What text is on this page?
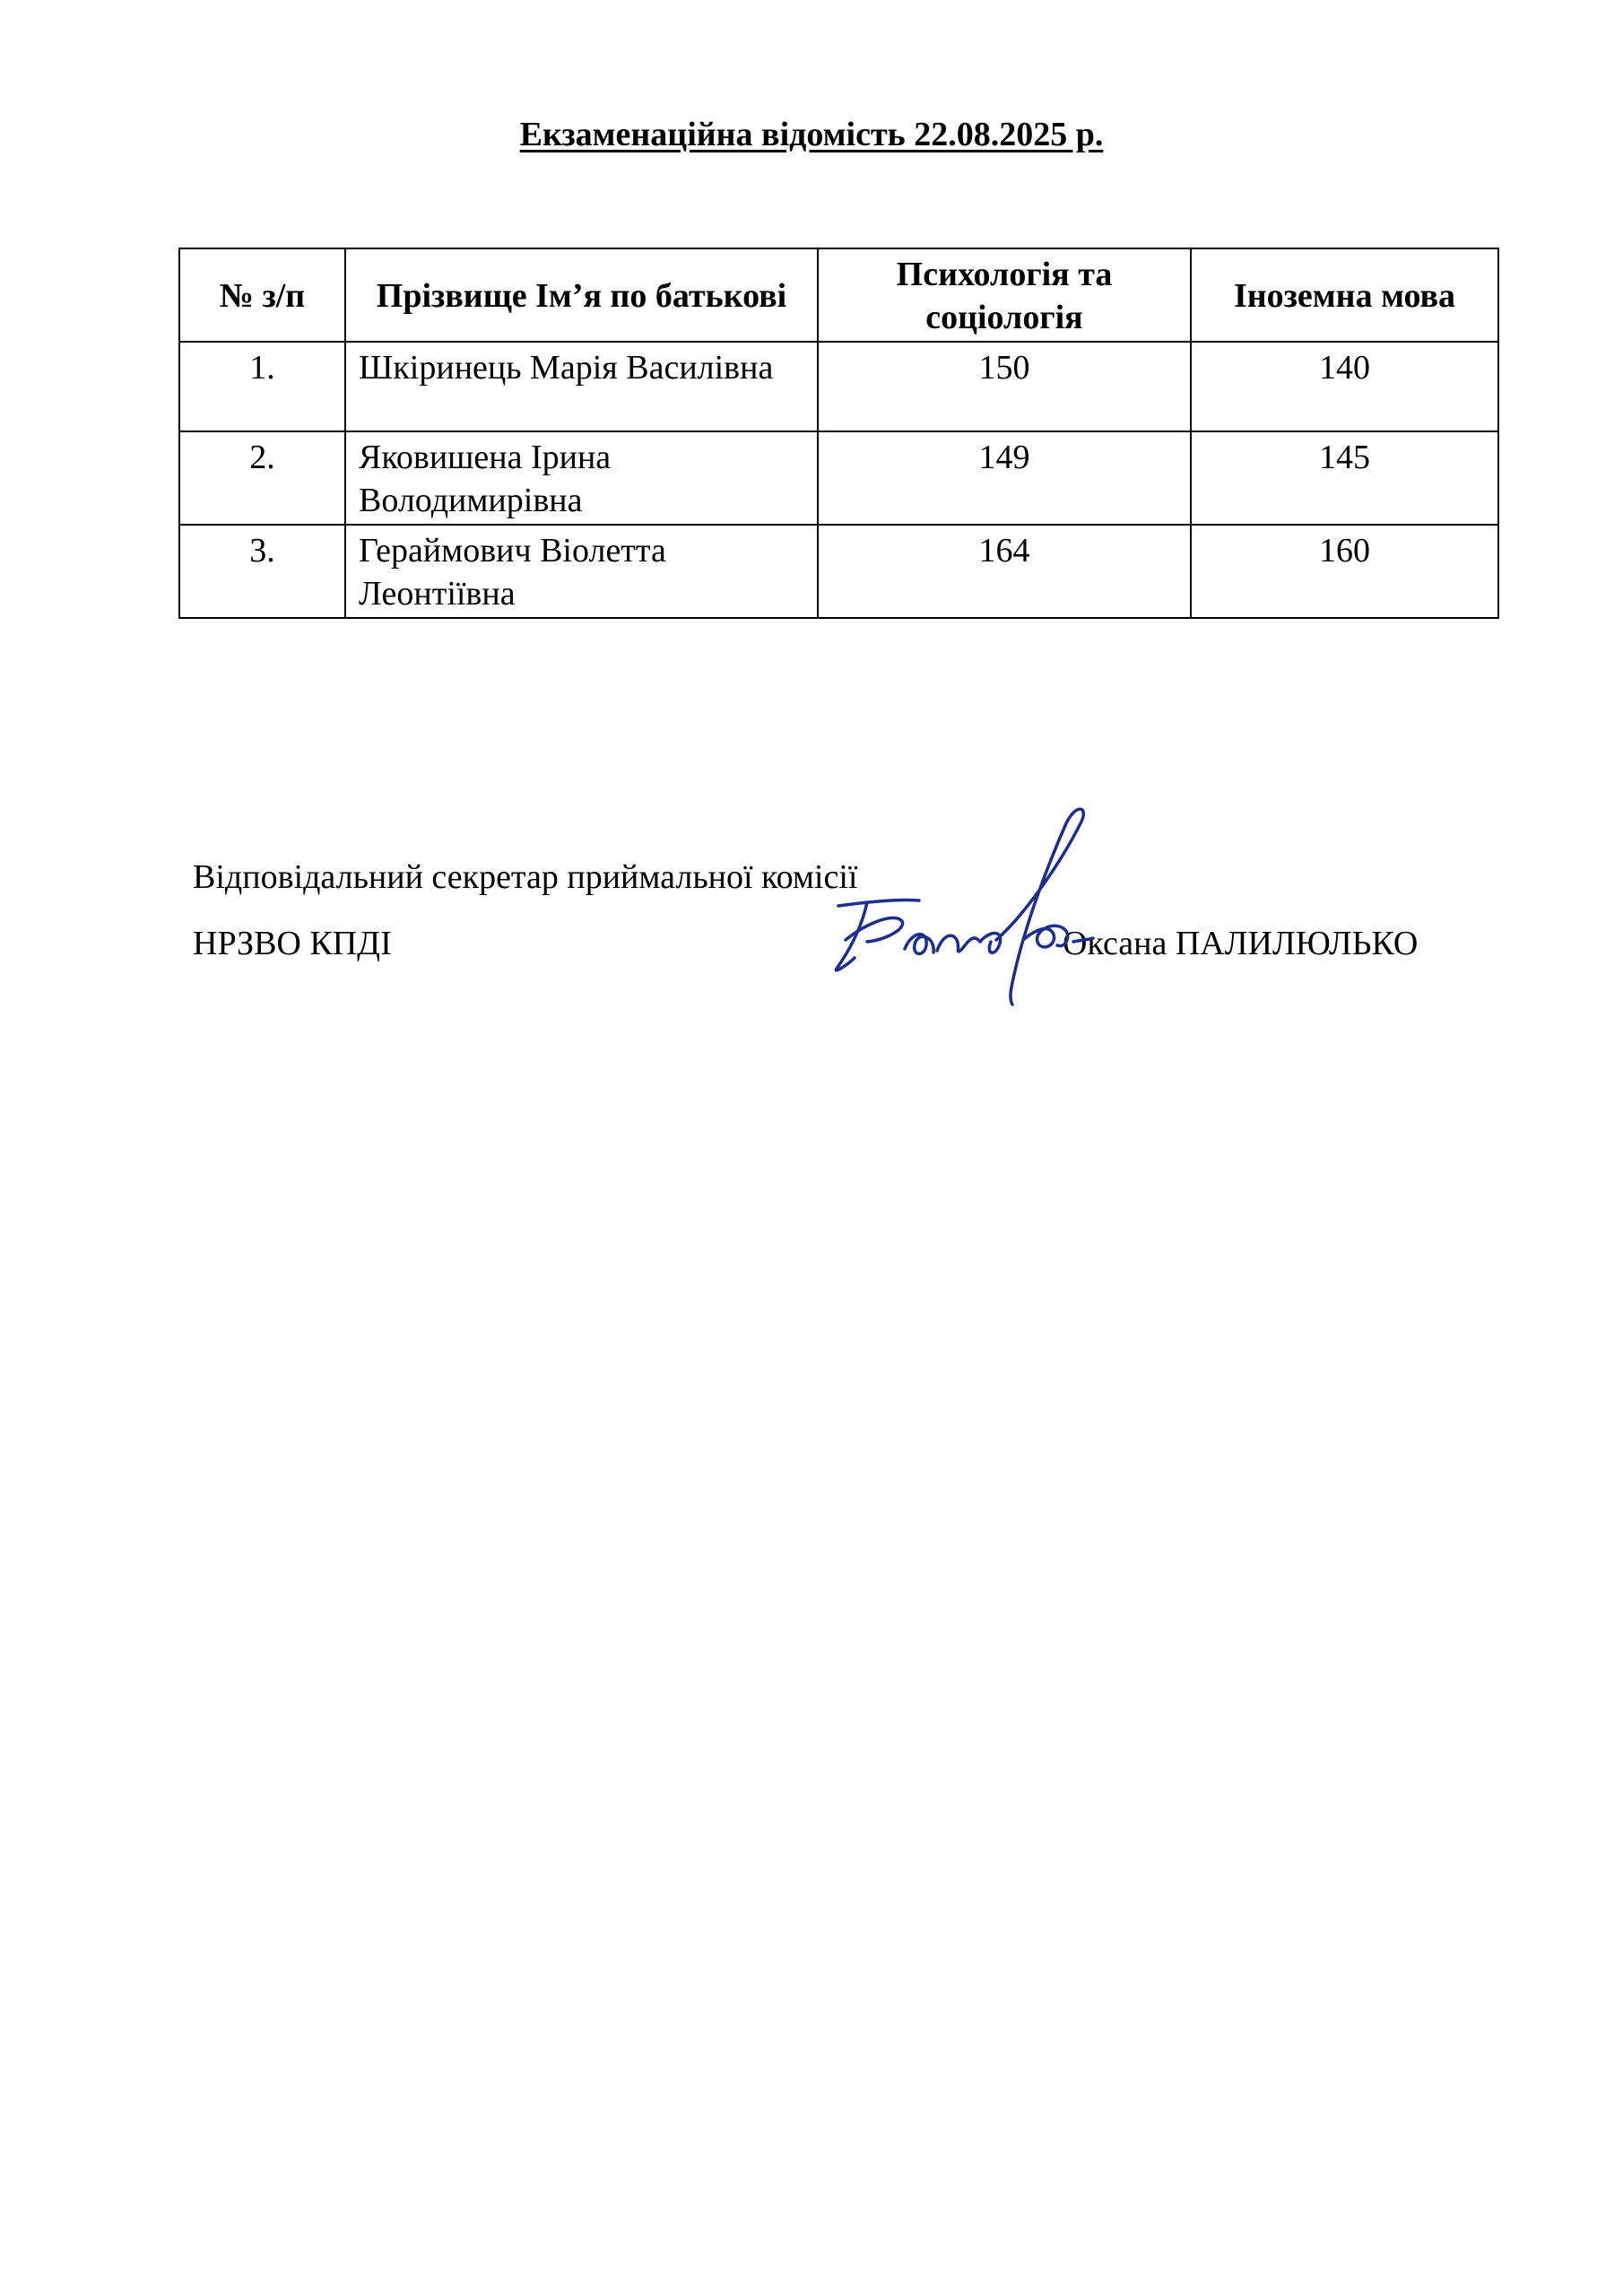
Екзаменаційна відомість 22.08.2025 р.
№ з/п	Прізвище Ім’я по батькові	Психологія та соціологія	Іноземна мова
1.	Шкіринець Марія Василівна	150	140
2.	Яковишена Ірина Володимирівна	149	145
3.	Гераймович Віолетта Леонтіївна	164	160
Відповідальний секретар приймальної комісії
НРЗВО КПДІ	Оксана ПАЛИЛЮЛЬКО
